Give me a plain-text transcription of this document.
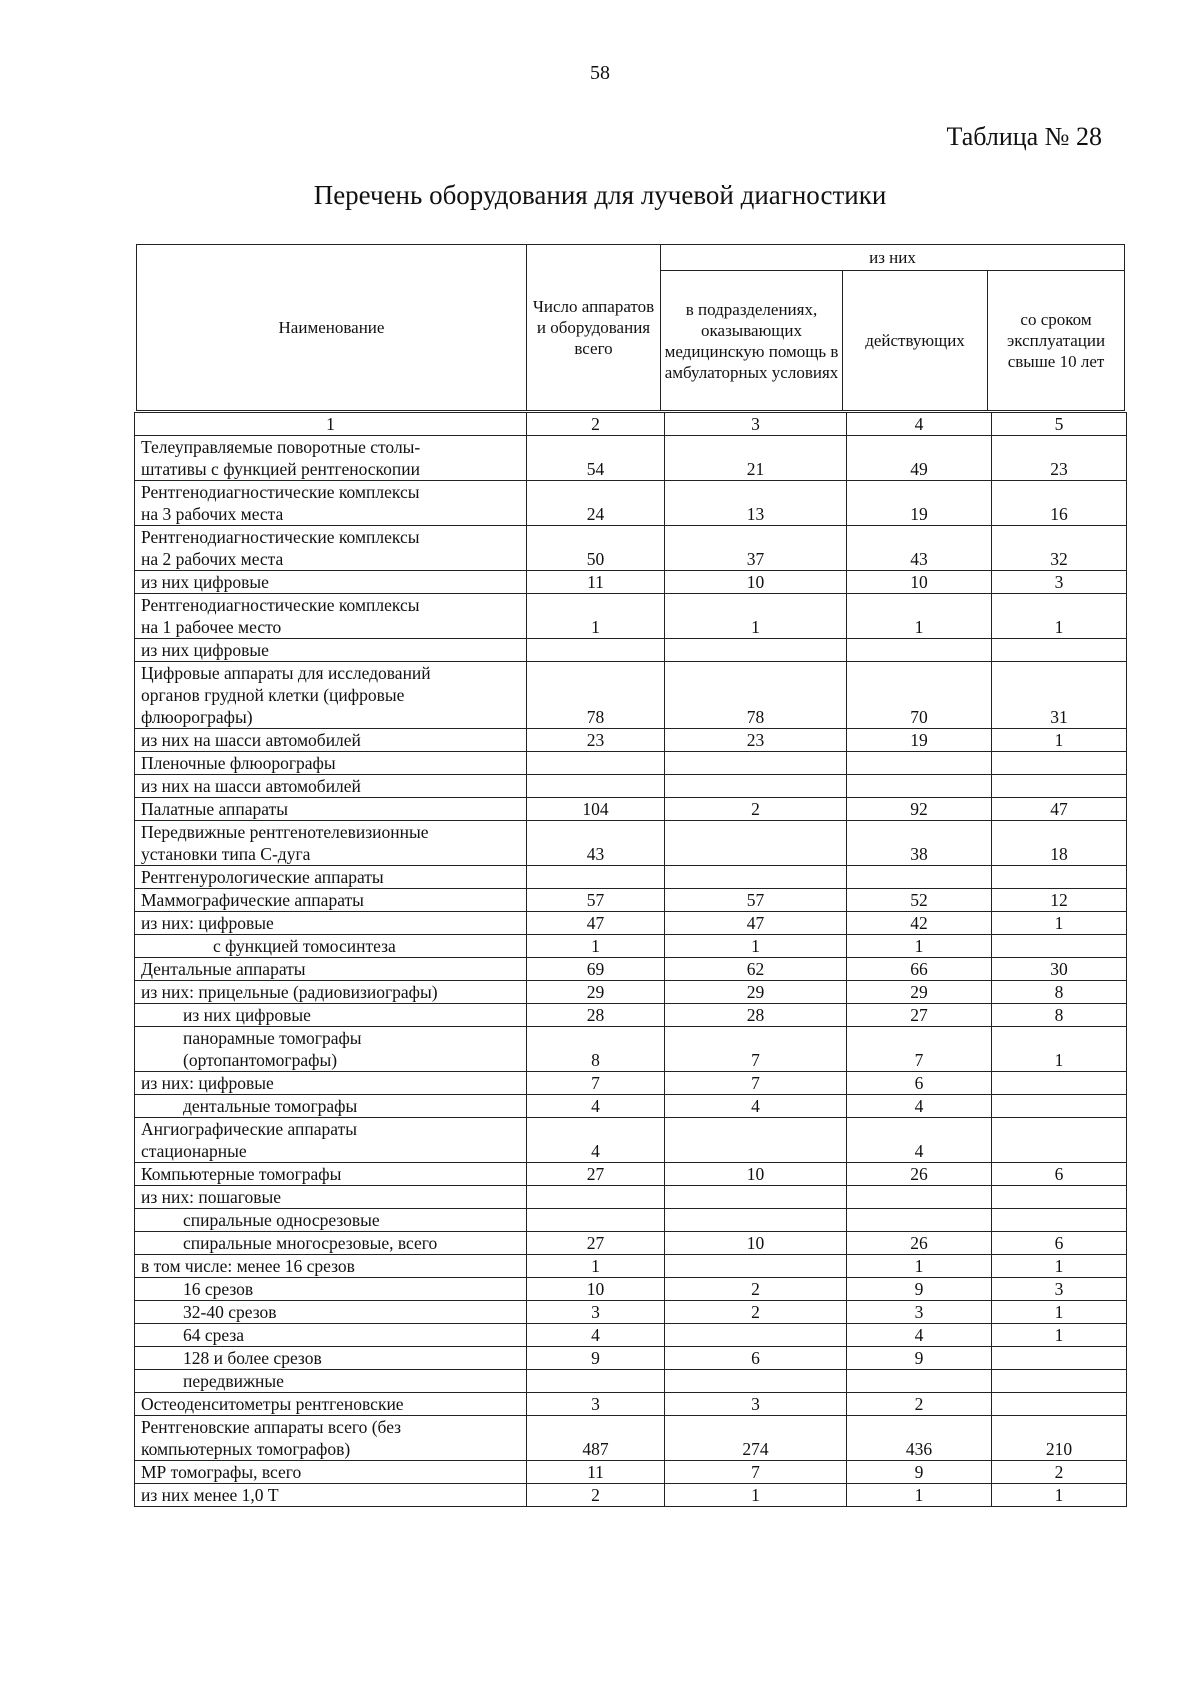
58
Таблица № 28
Перечень оборудования для лучевой диагностики
Наименование	Число аппаратов и оборудования всего	из них		
		в подразделениях, оказывающих медицинскую помощь в амбулаторных условиях	действующих	со сроком эксплуатации свыше 10 лет
1	2	3	4	5

Телеуправляемые поворотные столы-
штативы с функцией рентгеноскопии	54	21	49	23

Рентгенодиагностические комплексы
на 3 рабочих места	24	13	19	16

Рентгенодиагностические комплексы
на 2 рабочих места	50	37	43	32

из них цифровые	11	10	10	3

Рентгенодиагностические комплексы
на 1 рабочее место	1	1	1	1

из них цифровые				

Цифровые аппараты для исследований
органов грудной клетки (цифровые
флюорографы)	78	78	70	31

из них на шасси автомобилей	23	23	19	1

Пленочные флюорографы				

из них на шасси автомобилей				

Палатные аппараты	104	2	92	47

Передвижные рентгенотелевизионные
установки типа С-дуга	43		38	18

Рентгенурологические аппараты				

Маммографические аппараты	57	57	52	12

из них: цифровые	47	47	42	1

с функцией томосинтеза	1	1	1	

Дентальные аппараты	69	62	66	30

из них: прицельные (радиовизиографы)	29	29	29	8

из них цифровые	28	28	27	8

панорамные томографы
(ортопантомографы)	8	7	7	1

из них: цифровые	7	7	6	

дентальные томографы	4	4	4	

Ангиографические аппараты
стационарные	4		4	

Компьютерные томографы	27	10	26	6

из них: пошаговые				

спиральные односрезовые				

спиральные многосрезовые, всего	27	10	26	6

в том числе: менее 16 срезов	1		1	1

16 срезов	10	2	9	3

32-40 срезов	3	2	3	1

64 среза	4		4	1

128 и более срезов	9	6	9	

передвижные				

Остеоденситометры рентгеновские	3	3	2	

Рентгеновские аппараты всего (без
компьютерных томографов)	487	274	436	210

МР томографы, всего	11	7	9	2

из них менее 1,0 Т	2	1	1	1
